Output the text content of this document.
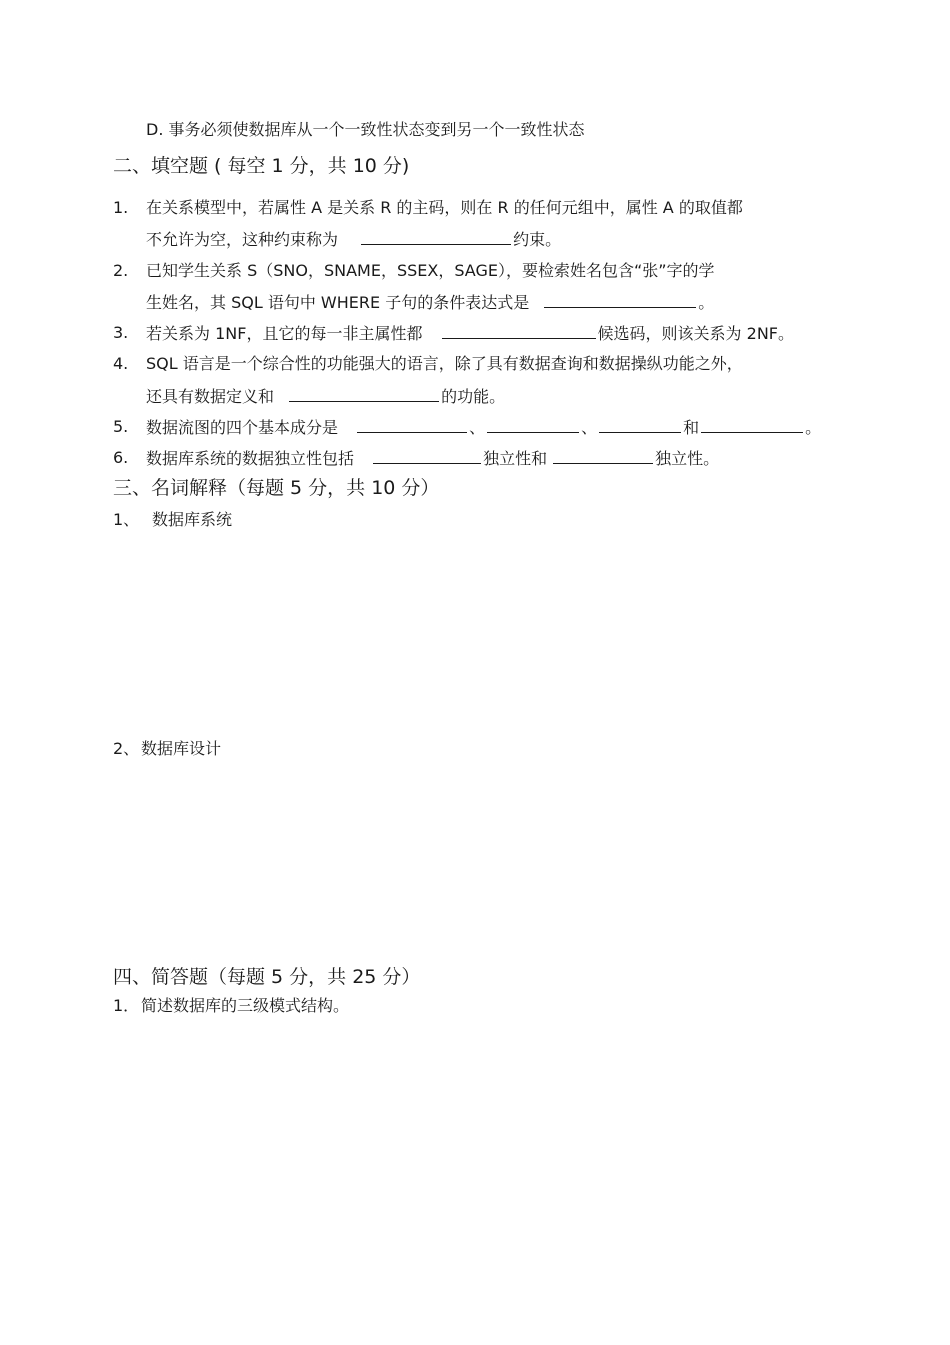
D. 事务必须使数据库从一个一致性状态变到另一个一致性状态
二、填空题 ( 每空 1 分，共 10 分)
1. 在关系模型中，若属性 A 是关系 R 的主码，则在 R 的任何元组中，属性 A 的取值都
不允许为空，这种约束称为	约束。
2. 已知学生关系 S（SNO，SNAME，SSEX，SAGE），要检索姓名包含“张”字的学
生姓名，其 SQL 语句中 WHERE 子句的条件表达式是	。
3. 若关系为 1NF，且它的每一非主属性都	候选码，则该关系为 2NF。
4. SQL 语言是一个综合性的功能强大的语言，除了具有数据查询和数据操纵功能之外，
还具有数据定义和	的功能。
5. 数据流图的四个基本成分是	、	、	和	。
6. 数据库系统的数据独立性包括	独立性和	独立性。
三、名词解释（每题 5 分，共 10 分）
1、 数据库系统
2、 数据库设计
四、简答题（每题 5 分，共 25 分）
1． 简述数据库的三级模式结构。
